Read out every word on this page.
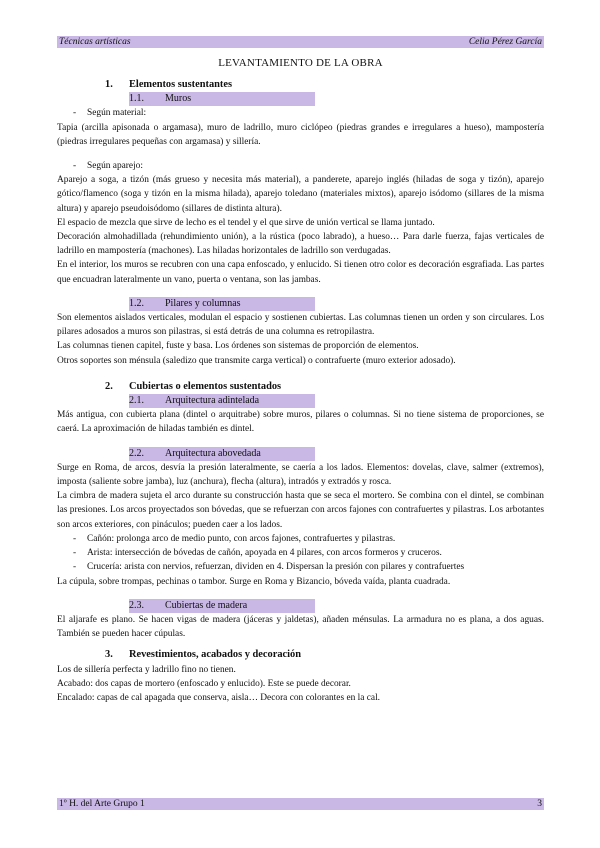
Técnicas artísticas	Celia Pérez García
LEVANTAMIENTO DE LA OBRA
1. Elementos sustentantes
1.1. Muros
- Según material:

Tapia (arcilla apisonada o argamasa), muro de ladrillo, muro ciclópeo (piedras grandes e irregulares a hueso), mampostería (piedras irregulares pequeñas con argamasa) y sillería.

- Según aparejo:

Aparejo a soga, a tizón (más grueso y necesita más material), a panderete, aparejo inglés (hiladas de soga y tizón), aparejo gótico/flamenco (soga y tizón en la misma hilada), aparejo toledano (materiales mixtos), aparejo isódomo (sillares de la misma altura) y aparejo pseudoisódomo (sillares de distinta altura).

El espacio de mezcla que sirve de lecho es el tendel y el que sirve de unión vertical se llama juntado.

Decoración almohadillada (rehundimiento unión), a la rústica (poco labrado), a hueso… Para darle fuerza, fajas verticales de ladrillo en mampostería (machones). Las hiladas horizontales de ladrillo son verdugadas.

En el interior, los muros se recubren con una capa enfoscado, y enlucido. Si tienen otro color es decoración esgrafiada. Las partes que encuadran lateralmente un vano, puerta o ventana, son las jambas.

1.2. Pilares y columnas

Son elementos aislados verticales, modulan el espacio y sostienen cubiertas. Las columnas tienen un orden y son circulares. Los pilares adosados a muros son pilastras, si está detrás de una columna es retropilastra.

Las columnas tienen capitel, fuste y basa. Los órdenes son sistemas de proporción de elementos.

Otros soportes son ménsula (saledizo que transmite carga vertical) o contrafuerte (muro exterior adosado).

2. Cubiertas o elementos sustentados
2.1. Arquitectura adintelada

Más antigua, con cubierta plana (dintel o arquitrabe) sobre muros, pilares o columnas. Si no tiene sistema de proporciones, se caerá. La aproximación de hiladas también es dintel.

2.2. Arquitectura abovedada

Surge en Roma, de arcos, desvía la presión lateralmente, se caería a los lados. Elementos: dovelas, clave, salmer (extremos), imposta (saliente sobre jamba), luz (anchura), flecha (altura), intradós y extradós y rosca.

La cimbra de madera sujeta el arco durante su construcción hasta que se seca el mortero. Se combina con el dintel, se combinan las presiones. Los arcos proyectados son bóvedas, que se refuerzan con arcos fajones con contrafuertes y pilastras. Los arbotantes son arcos exteriores, con pináculos; pueden caer a los lados.

- Cañón: prolonga arco de medio punto, con arcos fajones, contrafuertes y pilastras.
- Arista: intersección de bóvedas de cañón, apoyada en 4 pilares, con arcos formeros y cruceros.
- Crucería: arista con nervios, refuerzan, dividen en 4. Dispersan la presión con pilares y contrafuertes

La cúpula, sobre trompas, pechinas o tambor. Surge en Roma y Bizancio, bóveda vaída, planta cuadrada.

2.3. Cubiertas de madera

El aljarafe es plano. Se hacen vigas de madera (jáceras y jaldetas), añaden ménsulas. La armadura no es plana, a dos aguas. También se pueden hacer cúpulas.

3. Revestimientos, acabados y decoración

Los de sillería perfecta y ladrillo fino no tienen.

Acabado: dos capas de mortero (enfoscado y enlucido). Este se puede decorar.

Encalado: capas de cal apagada que conserva, aisla… Decora con colorantes en la cal.

1º H. del Arte Grupo 1	3
